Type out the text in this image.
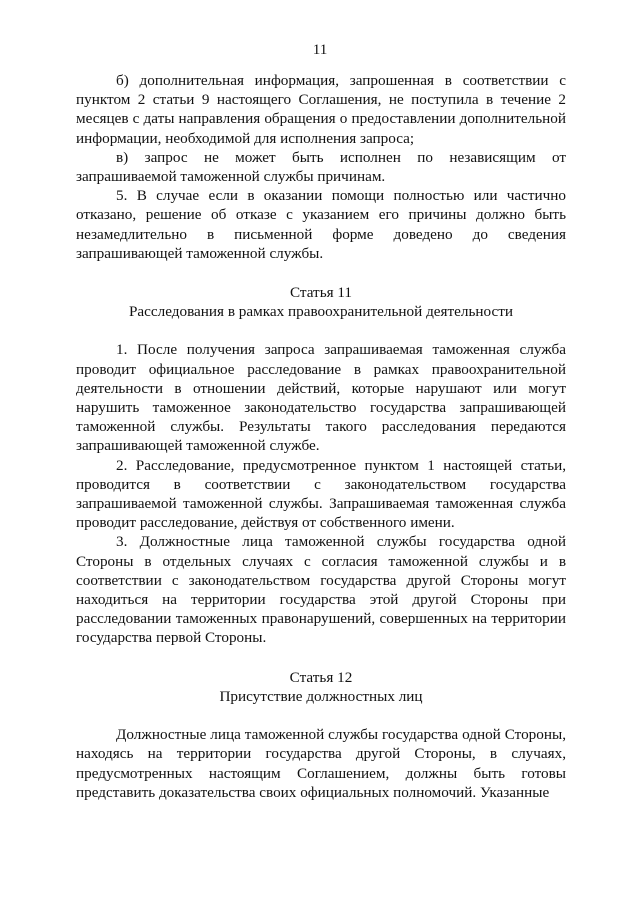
11

б) дополнительная информация, запрошенная в соответствии с пунктом 2 статьи 9 настоящего Соглашения, не поступила в течение 2 месяцев с даты направления обращения о предоставлении дополнительной информации, необходимой для исполнения запроса;

в) запрос не может быть исполнен по независящим от запрашиваемой таможенной службы причинам.

5. В случае если в оказании помощи полностью или частично отказано, решение об отказе с указанием его причины должно быть незамедлительно в письменной форме доведено до сведения запрашивающей таможенной службы.

Статья 11

Расследования в рамках правоохранительной деятельности

1. После получения запроса запрашиваемая таможенная служба проводит официальное расследование в рамках правоохранительной деятельности в отношении действий, которые нарушают или могут нарушить таможенное законодательство государства запрашивающей таможенной службы. Результаты такого расследования передаются запрашивающей таможенной службе.

2. Расследование, предусмотренное пунктом 1 настоящей статьи, проводится в соответствии с законодательством государства запрашиваемой таможенной службы. Запрашиваемая таможенная служба проводит расследование, действуя от собственного имени.

3. Должностные лица таможенной службы государства одной Стороны в отдельных случаях с согласия таможенной службы и в соответствии с законодательством государства другой Стороны могут находиться на территории государства этой другой Стороны при расследовании таможенных правонарушений, совершенных на территории государства первой Стороны.

Статья 12

Присутствие должностных лиц

Должностные лица таможенной службы государства одной Стороны, находясь на территории государства другой Стороны, в случаях, предусмотренных настоящим Соглашением, должны быть готовы представить доказательства своих официальных полномочий. Указанные
